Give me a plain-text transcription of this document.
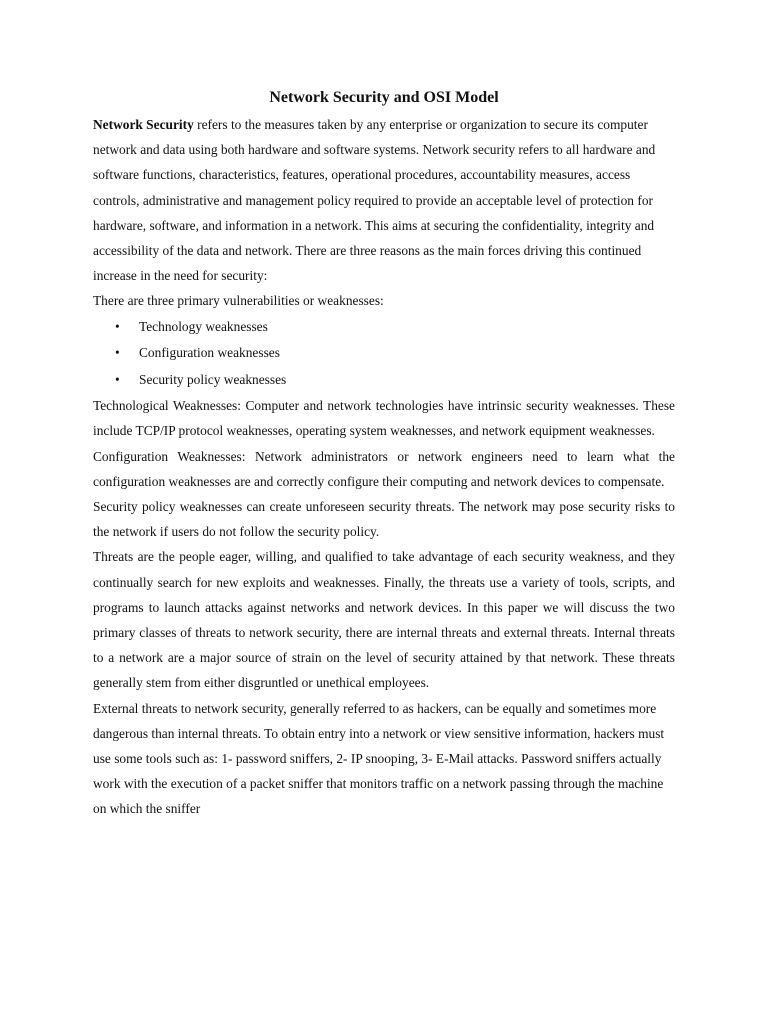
Network Security and OSI Model

Network Security refers to the measures taken by any enterprise or organization to secure its computer network and data using both hardware and software systems. Network security refers to all hardware and software functions, characteristics, features, operational procedures, accountability measures, access controls, administrative and management policy required to provide an acceptable level of protection for hardware, software, and information in a network. This aims at securing the confidentiality, integrity and accessibility of the data and network. There are three reasons as the main forces driving this continued increase in the need for security:

There are three primary vulnerabilities or weaknesses:

• Technology weaknesses
• Configuration weaknesses
• Security policy weaknesses

Technological Weaknesses: Computer and network technologies have intrinsic security weaknesses. These include TCP/IP protocol weaknesses, operating system weaknesses, and network equipment weaknesses.

Configuration Weaknesses: Network administrators or network engineers need to learn what the configuration weaknesses are and correctly configure their computing and network devices to compensate.

Security policy weaknesses can create unforeseen security threats. The network may pose security risks to the network if users do not follow the security policy.

Threats are the people eager, willing, and qualified to take advantage of each security weakness, and they continually search for new exploits and weaknesses. Finally, the threats use a variety of tools, scripts, and programs to launch attacks against networks and network devices. In this paper we will discuss the two primary classes of threats to network security, there are internal threats and external threats. Internal threats to a network are a major source of strain on the level of security attained by that network. These threats generally stem from either disgruntled or unethical employees.

External threats to network security, generally referred to as hackers, can be equally and sometimes more dangerous than internal threats. To obtain entry into a network or view sensitive information, hackers must use some tools such as: 1- password sniffers, 2- IP snooping, 3- E-Mail attacks. Password sniffers actually work with the execution of a packet sniffer that monitors traffic on a network passing through the machine on which the sniffer
